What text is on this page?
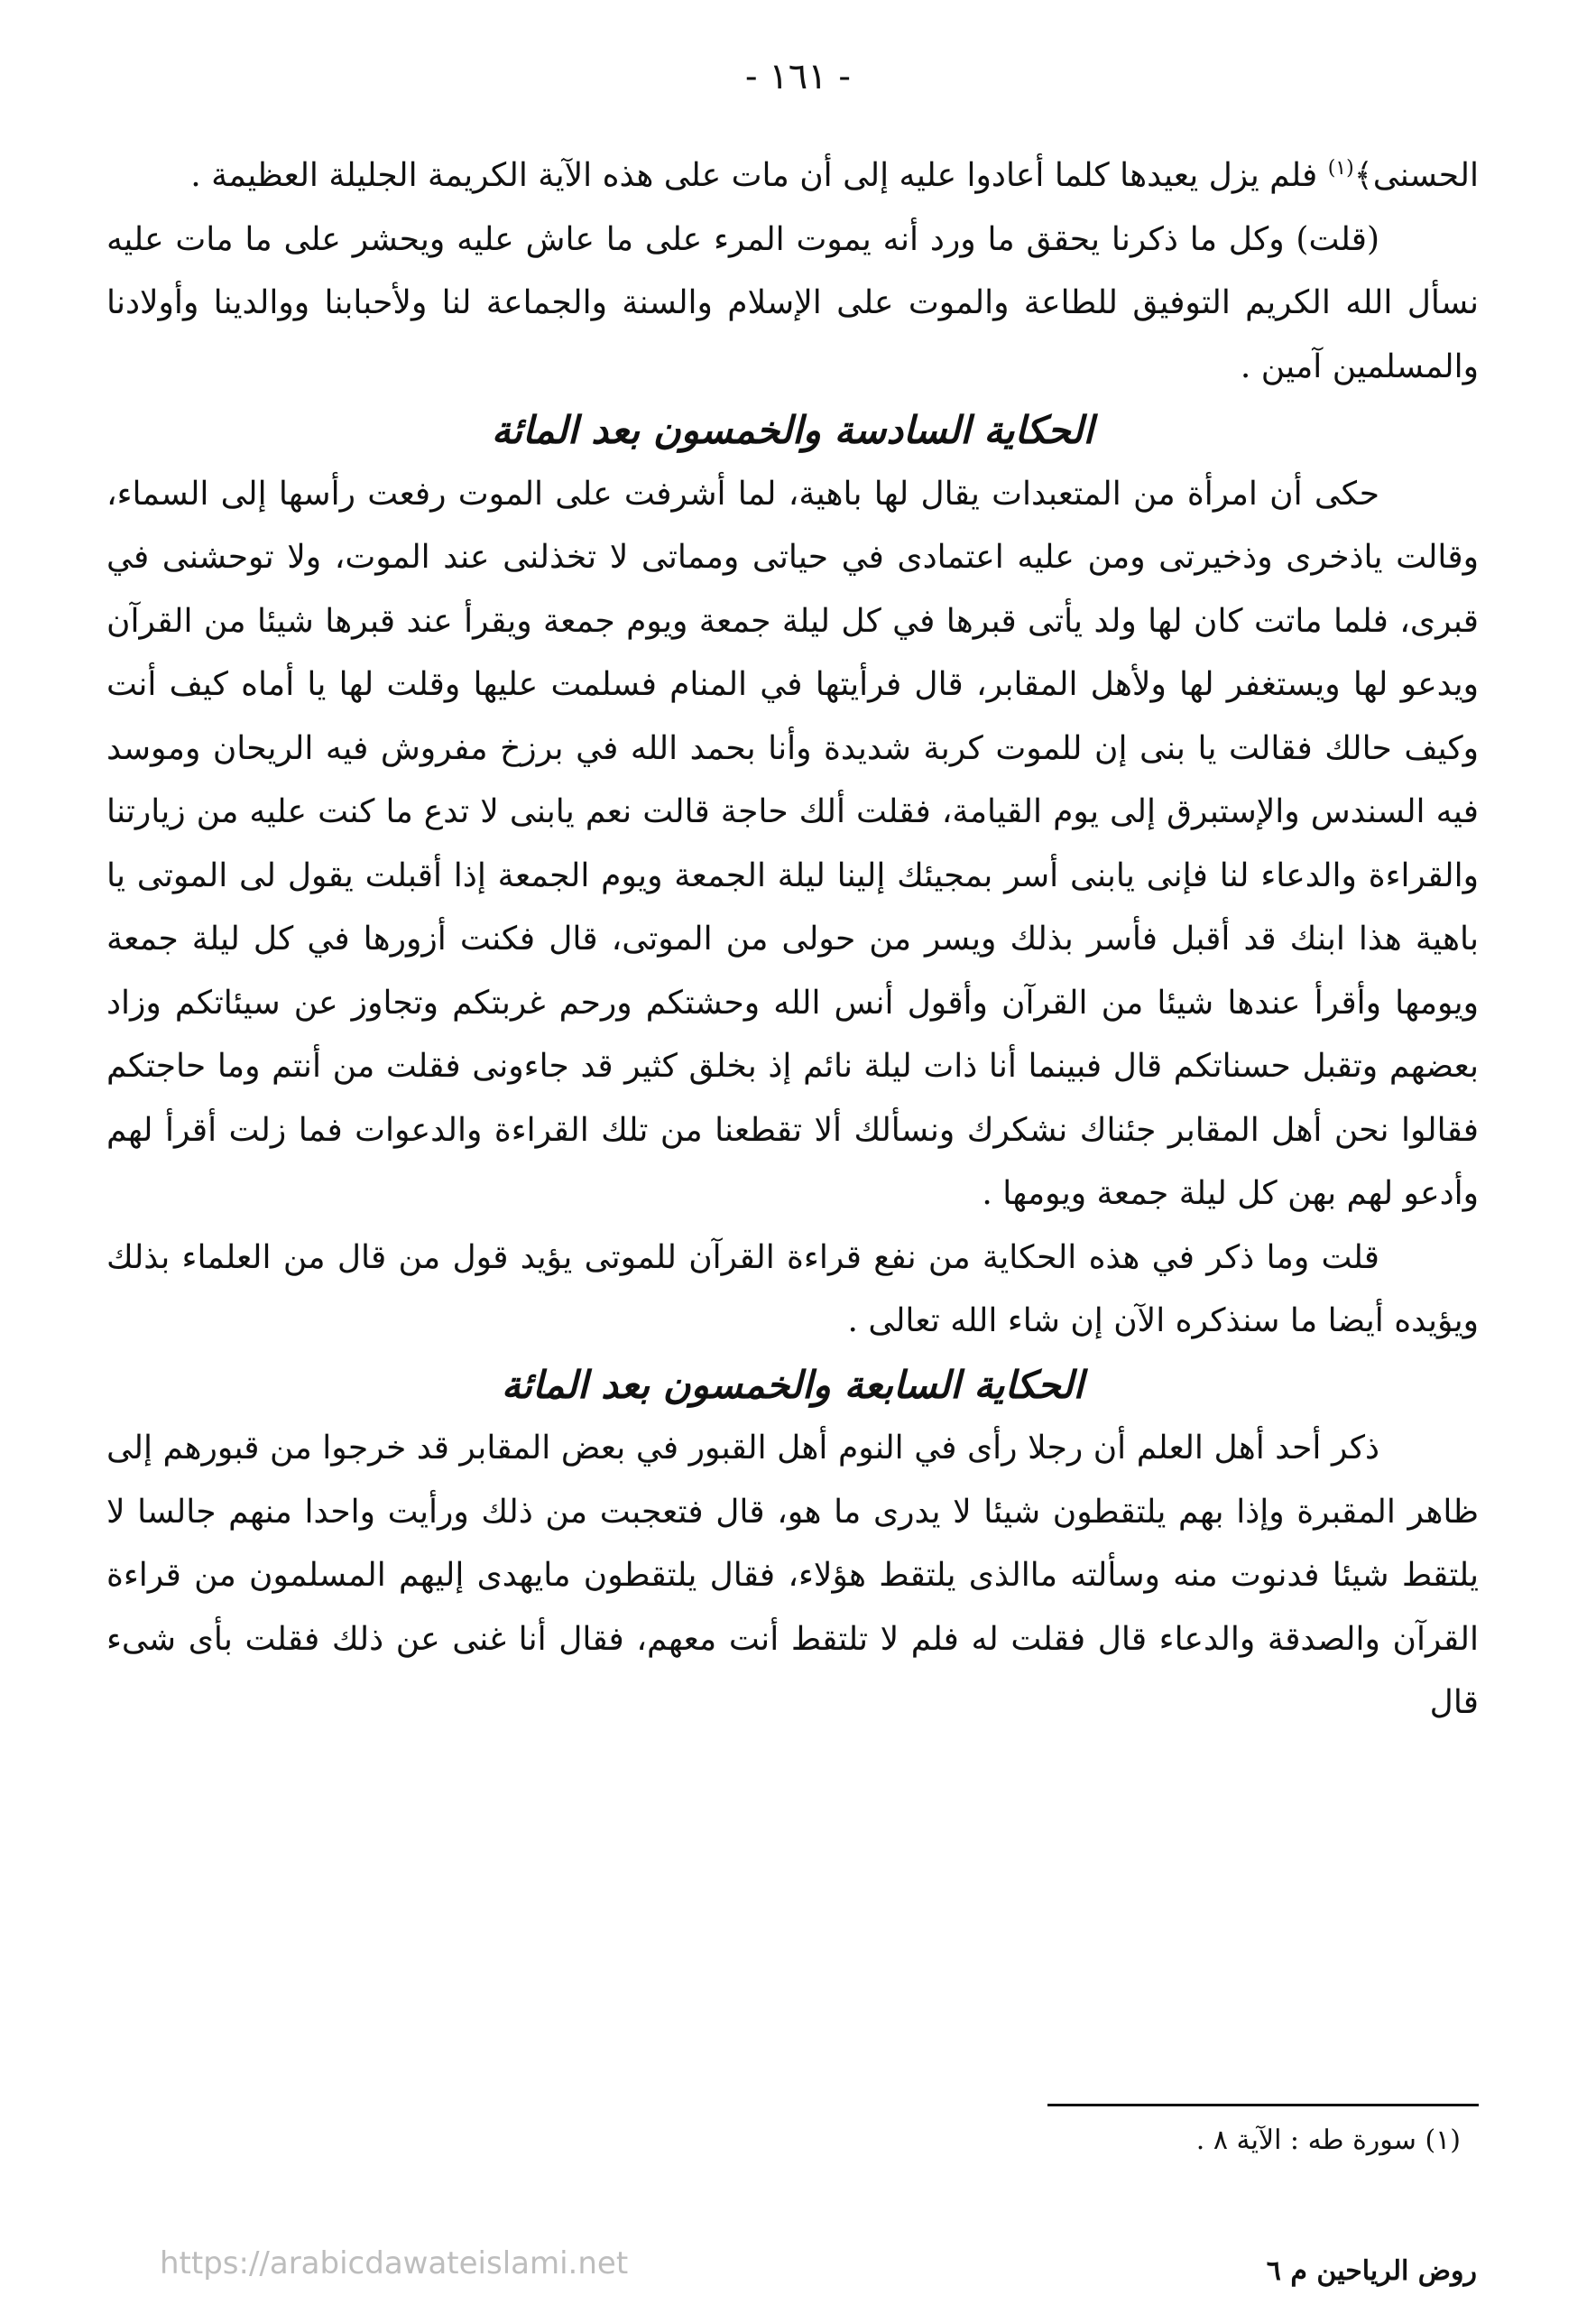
- ١٦١ -

الحسنى﴾$^{(١)}$ فلم يزل يعيدها كلما أعادوا عليه إلى أن مات على هذه الآية الكريمة الجليلة العظيمة .

(قلت) وكل ما ذكرنا يحقق ما ورد أنه يموت المرء على ما عاش عليه ويحشر على ما مات عليه نسأل الله الكريم التوفيق للطاعة والموت على الإسلام والسنة والجماعة لنا ولأحبابنا ووالدينا وأولادنا والمسلمين آمين .

الحكاية السادسة والخمسون بعد المائة

حكى أن امرأة من المتعبدات يقال لها باهية، لما أشرفت على الموت رفعت رأسها إلى السماء، وقالت ياذخرى وذخيرتى ومن عليه اعتمادى في حياتى ومماتى لا تخذلنى عند الموت، ولا توحشنى في قبرى، فلما ماتت كان لها ولد يأتى قبرها في كل ليلة جمعة ويوم جمعة ويقرأ عند قبرها شيئا من القرآن ويدعو لها ويستغفر لها ولأهل المقابر، قال فرأيتها في المنام فسلمت عليها وقلت لها يا أماه كيف أنت وكيف حالك فقالت يا بنى إن للموت كربة شديدة وأنا بحمد الله في برزخ مفروش فيه الريحان وموسد فيه السندس والإستبرق إلى يوم القيامة، فقلت ألك حاجة قالت نعم يابنى لا تدع ما كنت عليه من زيارتنا والقراءة والدعاء لنا فإنى يابنى أسر بمجيئك إلينا ليلة الجمعة ويوم الجمعة إذا أقبلت يقول لى الموتى يا باهية هذا ابنك قد أقبل فأسر بذلك ويسر من حولى من الموتى، قال فكنت أزورها في كل ليلة جمعة ويومها وأقرأ عندها شيئا من القرآن وأقول أنس الله وحشتكم ورحم غربتكم وتجاوز عن سيئاتكم وزاد بعضهم وتقبل حسناتكم قال فبينما أنا ذات ليلة نائم إذ بخلق كثير قد جاءونى فقلت من أنتم وما حاجتكم فقالوا نحن أهل المقابر جئناك نشكرك ونسألك ألا تقطعنا من تلك القراءة والدعوات فما زلت أقرأ لهم وأدعو لهم بهن كل ليلة جمعة ويومها .

قلت وما ذكر في هذه الحكاية من نفع قراءة القرآن للموتى يؤيد قول من قال من العلماء بذلك ويؤيده أيضا ما سنذكره الآن إن شاء الله تعالى .

الحكاية السابعة والخمسون بعد المائة

ذكر أحد أهل العلم أن رجلا رأى في النوم أهل القبور في بعض المقابر قد خرجوا من قبورهم إلى ظاهر المقبرة وإذا بهم يلتقطون شيئا لا يدرى ما هو، قال فتعجبت من ذلك ورأيت واحدا منهم جالسا لا يلتقط شيئا فدنوت منه وسألته ماالذى يلتقط هؤلاء، فقال يلتقطون مايهدى إليهم المسلمون من قراءة القرآن والصدقة والدعاء قال فقلت له فلم لا تلتقط أنت معهم، فقال أنا غنى عن ذلك فقلت بأى شىء قال

(١) سورة طه : الآية ٨ .
روض الرياحين م ٦
https://arabicdawateislami.net
